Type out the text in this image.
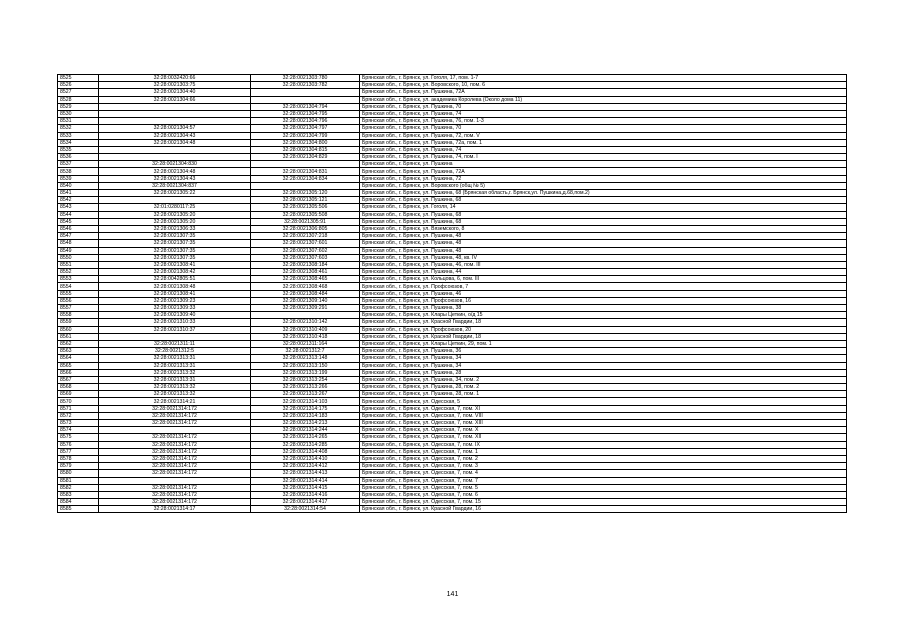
8525	32:28:0032420:66	32:28:0021303:780	Брянская обл., г. Брянск, ул. Гоголя, 17, пом. 1-7
8526	32:28:0021303:75	32:28:0021303:782	Брянская обл., г. Брянск, ул. Воровского, 10, пом. 6
8527	32:28:0021304:40		Брянская обл., г. Брянск, ул. Пушкина, 72А
8528	32:28:0021304:66		Брянская обл., г. Брянск, ул. академика Королева (Около дома 11)
8529		32:28:0021304:794	Брянская обл., г. Брянск, ул. Пушкина, 70
8530		32:28:0021304:795	Брянская обл., г. Брянск, ул. Пушкина, 74
8531		32:28:0021304:796	Брянская обл., г. Брянск, ул. Пушкина, 76, пом. 1-3
8532	32:28:0021304:57	32:28:0021304:797	Брянская обл., г. Брянск, ул. Пушкина, 70
8533	32:28:0021304:43	32:28:0021304:799	Брянская обл., г. Брянск, ул. Пушкина, 72, пом. V
8534	32:28:0021304:48	32:28:0021304:800	Брянская обл., г. Брянск, ул. Пушкина, 72а, пом. 1
8535		32:28:0021304:815	Брянская обл., г. Брянск, ул. Пушкина, 74
8536		32:28:0021304:829	Брянская обл., г. Брянск, ул. Пушкина, 74, пом. I
8537	32:28:0021304:830		Брянская обл., г. Брянск, ул. Пушкина
8538	32:28:0021304:48	32:28:0021304:831	Брянская обл., г. Брянск, ул. Пушкина, 72А
8539	32:28:0021304:43	32:28:0021304:834	Брянская обл., г. Брянск, ул. Пушкина, 72
8540	32:28:0021304:837		Брянская обл., г. Брянск, ул. Воровского (общ № 5)
8541	32:28:0021305:22	32:28:0021305:120	Брянская обл., г. Брянск, ул. Пушкина, 68 (Брянская область,г. Брянск,ул. Пушкина,д.68,пом.2)
8542		32:28:0021305:121	Брянская обл., г. Брянск, ул. Пушкина, 68
8543	32:01:0280117:25	32:28:0021305:506	Брянская обл., г. Брянск, ул. Гоголя, 14
8544	32:28:0021305:20	32:28:0021305:508	Брянская обл., г. Брянск, ул. Пушкина, 68
8545	32:28:0021305:20	32:28:0021305:91	Брянская обл., г. Брянск, ул. Пушкина, 68
8546	32:28:0021306:33	32:28:0021306:805	Брянская обл., г. Брянск, ул. Вяземского, 8
8547	32:28:0021307:35	32:28:0021307:218	Брянская обл., г. Брянск, ул. Пушкина, 48
8548	32:28:0021307:35	32:28:0021307:601	Брянская обл., г. Брянск, ул. Пушкина, 48
8549	32:28:0021307:35	32:28:0021307:602	Брянская обл., г. Брянск, ул. Пушкина, 48
8550	32:28:0021307:35	32:28:0021307:603	Брянская обл., г. Брянск, ул. Пушкина, 48, кв. IV
8551	32:28:0021308:41	32:28:0021308:184	Брянская обл., г. Брянск, ул. Пушкина, 46, пом. III
8552	32:28:0021308:42	32:28:0021308:461	Брянская обл., г. Брянск, ул. Пушкина, 44
8553	32:28:0042805:51	32:28:0021308:465	Брянская обл., г. Брянск, ул. Кольцова, 6, пом. III
8554	32:28:0021308:48	32:28:0021308:468	Брянская обл., г. Брянск, ул. Профсоюзов, 7
8555	32:28:0021308:41	32:28:0021308:484	Брянская обл., г. Брянск, ул. Пушкина, 46
8556	32:28:0021309:23	32:28:0021309:140	Брянская обл., г. Брянск, ул. Профсоюзов, 16
8557	32:28:0021309:33	32:28:0021309:291	Брянская обл., г. Брянск, ул. Пушкина, 38
8558	32:28:0021309:40		Брянская обл., г. Брянск, ул. Клары Цеткин, о/д 15
8559	32:28:0021310:33	32:28:0021310:142	Брянская обл., г. Брянск, ул. Красной Гвардии, 18
8560	32:28:0021310:37	32:28:0021310:409	Брянская обл., г. Брянск, ул. Профсоюзов, 20
8561		32:28:0021310:418	Брянская обл., г. Брянск, ул. Красной Гвардии, 18
8562	32:28:0021311:11	32:28:0021311:164	Брянская обл., г. Брянск, ул. Клары Цеткин, 29, пом. 1
8563	32:28:0021312:5	32:28:0021312:7	Брянская обл., г. Брянск, ул. Пушкина, 36
8564	32:28:0021313:31	32:28:0021313:148	Брянская обл., г. Брянск, ул. Пушкина, 34
8565	32:28:0021313:31	32:28:0021313:150	Брянская обл., г. Брянск, ул. Пушкина, 34
8566	32:28:0021313:32	32:28:0021313:199	Брянская обл., г. Брянск, ул. Пушкина, 28
8567	32:28:0021313:31	32:28:0021313:254	Брянская обл., г. Брянск, ул. Пушкина, 34, пом. 2
8568	32:28:0021313:32	32:28:0021313:266	Брянская обл., г. Брянск, ул. Пушкина, 28, пом. 2
8569	32:28:0021313:32	32:28:0021313:267	Брянская обл., г. Брянск, ул. Пушкина, 28, пом. 1
8570	32:28:0021314:21	32:28:0021314:103	Брянская обл., г. Брянск, ул. Одесская, 5
8571	32:28:0021314:172	32:28:0021314:175	Брянская обл., г. Брянск, ул. Одесская, 7, пом. XI
8572	32:28:0021314:172	32:28:0021314:183	Брянская обл., г. Брянск, ул. Одесская, 7, пом. VIII
8573	32:28:0021314:172	32:28:0021314:213	Брянская обл., г. Брянск, ул. Одесская, 7, пом. XIII
8574		32:28:0021314:244	Брянская обл., г. Брянск, ул. Одесская, 7, пом. X
8575	32:28:0021314:172	32:28:0021314:265	Брянская обл., г. Брянск, ул. Одесская, 7, пом. XII
8576	32:28:0021314:172	32:28:0021314:285	Брянская обл., г. Брянск, ул. Одесская, 7, пом. IX
8577	32:28:0021314:172	32:28:0021314:408	Брянская обл., г. Брянск, ул. Одесская, 7, пом. 1
8578	32:28:0021314:172	32:28:0021314:410	Брянская обл., г. Брянск, ул. Одесская, 7, пом. 2
8579	32:28:0021314:172	32:28:0021314:412	Брянская обл., г. Брянск, ул. Одесская, 7, пом. 3
8580	32:28:0021314:172	32:28:0021314:413	Брянская обл., г. Брянск, ул. Одесская, 7, пом. 4
8581		32:28:0021314:414	Брянская обл., г. Брянск, ул. Одесская, 7, пом. 7
8582	32:28:0021314:172	32:28:0021314:415	Брянская обл., г. Брянск, ул. Одесская, 7, пом. 5
8583	32:28:0021314:172	32:28:0021314:416	Брянская обл., г. Брянск, ул. Одесская, 7, пом. 6
8584	32:28:0021314:172	32:28:0021314:417	Брянская обл., г. Брянск, ул. Одесская, 7, пом. 15
8585	32:28:0021314:17	32:28:0021314:54	Брянская обл., г. Брянск, ул. Красной Гвардии, 16
141
